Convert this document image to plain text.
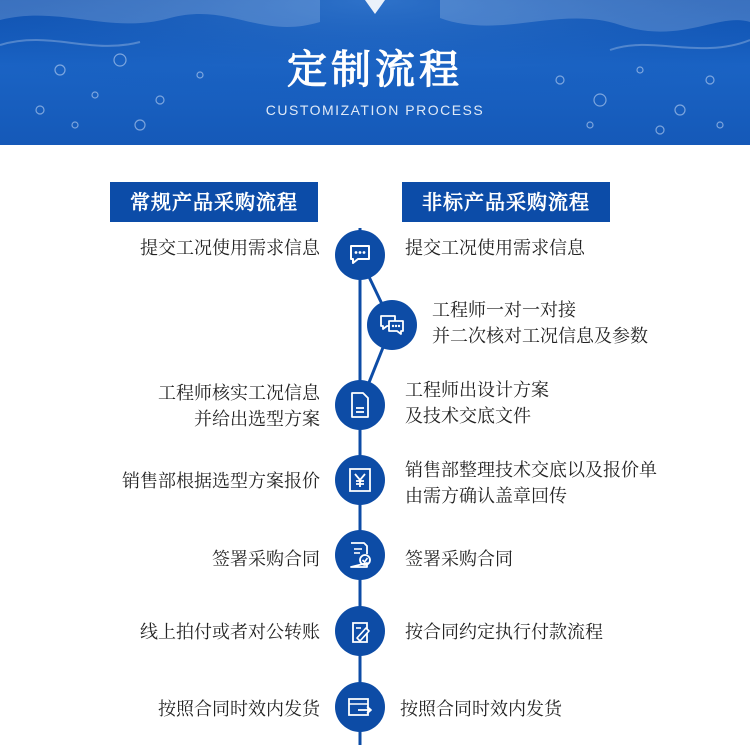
定制流程
CUSTOMIZATION PROCESS
常规产品采购流程	非标产品采购流程
提交工况使用需求信息
工程师核实工况信息
并给出选型方案
销售部根据选型方案报价
签署采购合同
线上拍付或者对公转账
按照合同时效内发货
提交工况使用需求信息
工程师一对一对接
并二次核对工况信息及参数
工程师出设计方案
及技术交底文件
销售部整理技术交底以及报价单
由需方确认盖章回传
签署采购合同
按合同约定执行付款流程
按照合同时效内发货
